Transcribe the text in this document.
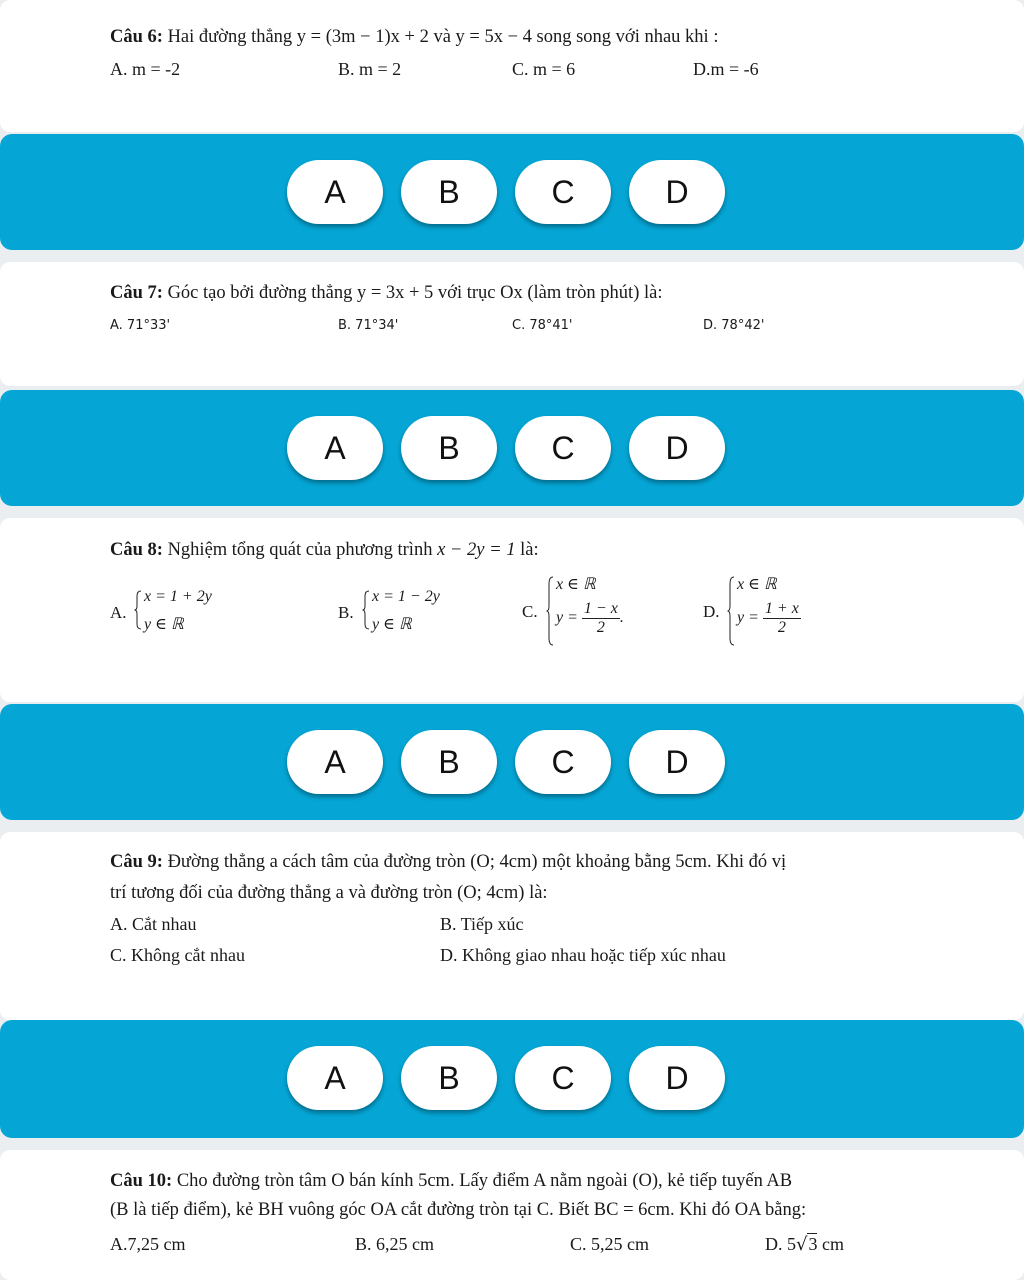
Câu 6: Hai đường thẳng y = (3m − 1)x + 2 và y = 5x − 4 song song với nhau khi :
A. m = -2	B. m = 2	C. m = 6	D.m = -6
A	B	C	D
Câu 7: Góc tạo bởi đường thẳng y = 3x + 5 với trục Ox (làm tròn phút) là:
A. 71°33'	B. 71°34'	C. 78°41'	D. 78°42'
A	B	C	D
Câu 8: Nghiệm tổng quát của phương trình x − 2y = 1 là:
A.
x = 1 + 2y
y ∈ ℝ
B.
x = 1 − 2y
y ∈ ℝ
C.
x ∈ ℝ
$y = \frac{1 - x}{2}$ .	D.
x ∈ ℝ
$y = \frac{1 + x}{2}$
A	B	C	D
Câu 9: Đường thẳng a cách tâm của đường tròn (O; 4cm) một khoảng bằng 5cm. Khi đó vị
trí tương đối của đường thẳng a và đường tròn (O; 4cm) là:
A. Cắt nhau	B. Tiếp xúc
C. Không cắt nhau	D. Không giao nhau hoặc tiếp xúc nhau
A	B	C	D
Câu 10: Cho đường tròn tâm O bán kính 5cm. Lấy điểm A nằm ngoài (O), kẻ tiếp tuyến AB
(B là tiếp điểm), kẻ BH vuông góc OA cắt đường tròn tại C. Biết BC = 6cm. Khi đó OA bằng:
A.7,25 cm	B. 6,25 cm	C. 5,25 cm	D. 5√3 cm
